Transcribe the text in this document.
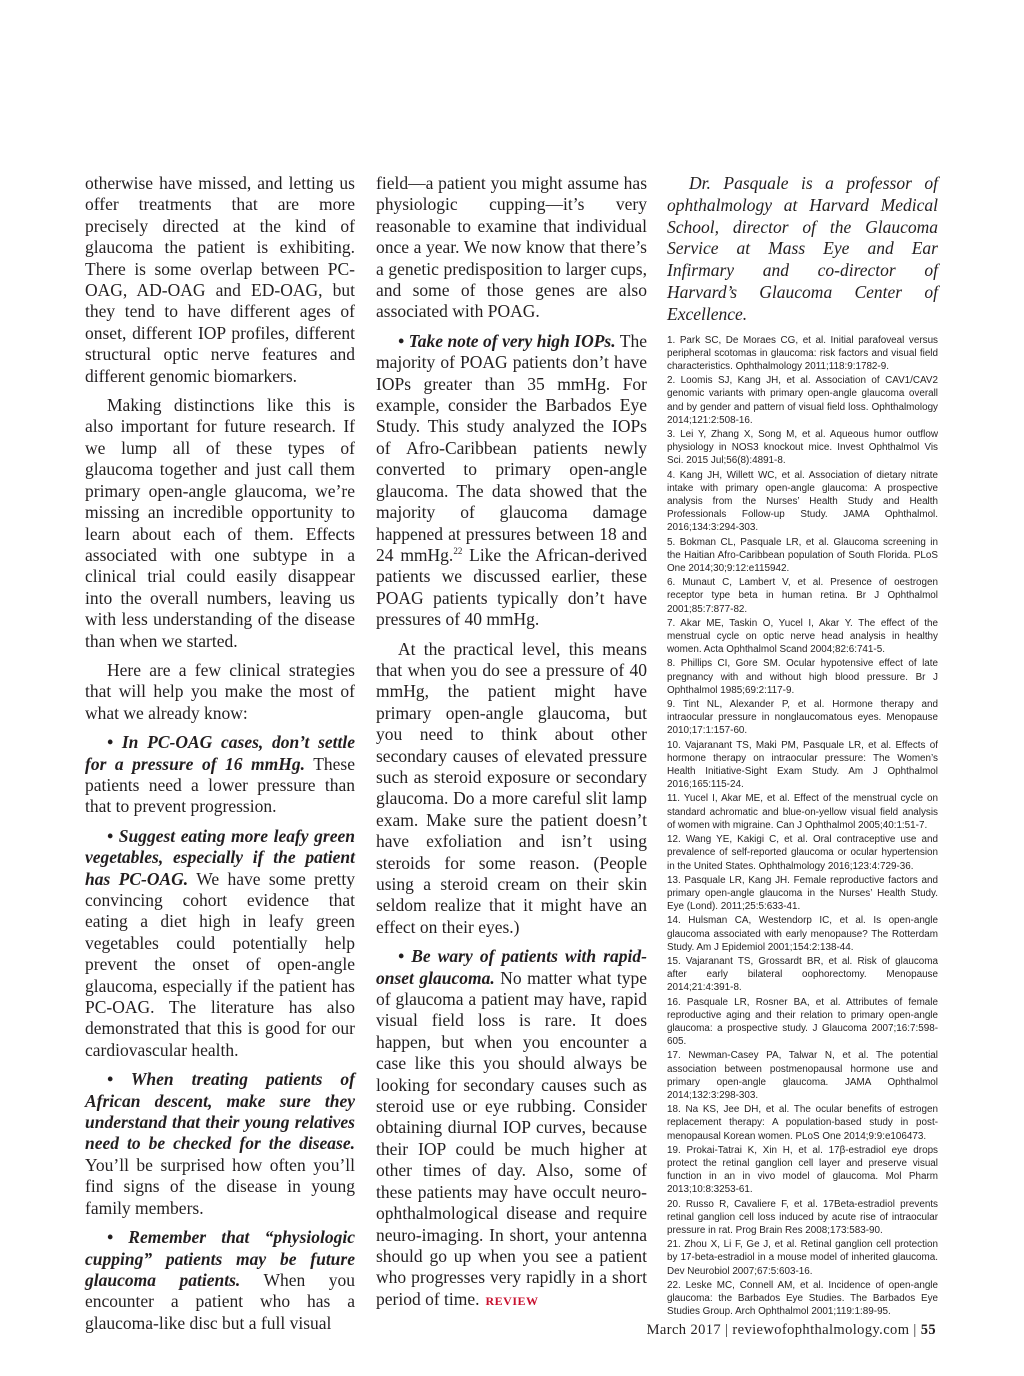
otherwise have missed, and letting us offer treatments that are more precisely directed at the kind of glaucoma the patient is exhibiting. There is some overlap between PC-OAG, AD-OAG and ED-OAG, but they tend to have different ages of onset, different IOP profiles, different structural optic nerve features and different genomic biomarkers.

Making distinctions like this is also important for future research. If we lump all of these types of glaucoma together and just call them primary open-angle glaucoma, we’re missing an incredible opportunity to learn about each of them. Effects associated with one subtype in a clinical trial could easily disappear into the overall numbers, leaving us with less understanding of the disease than when we started.

Here are a few clinical strategies that will help you make the most of what we already know:

• In PC-OAG cases, don’t settle for a pressure of 16 mmHg. These patients need a lower pressure than that to prevent progression.

• Suggest eating more leafy green vegetables, especially if the patient has PC-OAG. We have some pretty convincing cohort evidence that eating a diet high in leafy green vegetables could potentially help prevent the onset of open-angle glaucoma, especially if the patient has PC-OAG. The literature has also demonstrated that this is good for our cardiovascular health.

• When treating patients of African descent, make sure they understand that their young relatives need to be checked for the disease. You’ll be surprised how often you’ll find signs of the disease in young family members.

• Remember that “physiologic cupping” patients may be future glaucoma patients. When you encounter a patient who has a glaucoma-like disc but a full visual

field—a patient you might assume has physiologic cupping—it’s very reasonable to examine that individual once a year. We now know that there’s a genetic predisposition to larger cups, and some of those genes are also associated with POAG.

• Take note of very high IOPs. The majority of POAG patients don’t have IOPs greater than 35 mmHg. For example, consider the Barbados Eye Study. This study analyzed the IOPs of Afro-Caribbean patients newly converted to primary open-angle glaucoma. The data showed that the majority of glaucoma damage happened at pressures between 18 and 24 mmHg.$^{22}$ Like the African-derived patients we discussed earlier, these POAG patients typically don’t have pressures of 40 mmHg.

At the practical level, this means that when you do see a pressure of 40 mmHg, the patient might have primary open-angle glaucoma, but you need to think about other secondary causes of elevated pressure such as steroid exposure or secondary glaucoma. Do a more careful slit lamp exam. Make sure the patient doesn’t have exfoliation and isn’t using steroids for some reason. (People using a steroid cream on their skin seldom realize that it might have an effect on their eyes.)

• Be wary of patients with rapid-onset glaucoma. No matter what type of glaucoma a patient may have, rapid visual field loss is rare. It does happen, but when you encounter a case like this you should always be looking for secondary causes such as steroid use or eye rubbing. Consider obtaining diurnal IOP curves, because their IOP could be much higher at other times of day. Also, some of these patients may have occult neuro-ophthalmological disease and require neuro-imaging. In short, your antenna should go up when you see a patient who progresses very rapidly in a short period of time. REVIEW

Dr. Pasquale is a professor of ophthalmology at Harvard Medical School, director of the Glaucoma Service at Mass Eye and Ear Infirmary and co-director of Harvard’s Glaucoma Center of Excellence.

1. Park SC, De Moraes CG, et al. Initial parafoveal versus peripheral scotomas in glaucoma: risk factors and visual field characteristics. Ophthalmology 2011;118:9:1782-9.
2. Loomis SJ, Kang JH, et al. Association of CAV1/CAV2 genomic variants with primary open-angle glaucoma overall and by gender and pattern of visual field loss. Ophthalmology 2014;121:2:508-16.
3. Lei Y, Zhang X, Song M, et al. Aqueous humor outflow physiology in NOS3 knockout mice. Invest Ophthalmol Vis Sci. 2015 Jul;56(8):4891-8.
4. Kang JH, Willett WC, et al. Association of dietary nitrate intake with primary open-angle glaucoma: A prospective analysis from the Nurses’ Health Study and Health Professionals Follow-up Study. JAMA Ophthalmol. 2016;134:3:294-303.
5. Bokman CL, Pasquale LR, et al. Glaucoma screening in the Haitian Afro-Caribbean population of South Florida. PLoS One 2014;30;9:12:e115942.
6. Munaut C, Lambert V, et al. Presence of oestrogen receptor type beta in human retina. Br J Ophthalmol 2001;85:7:877-82.
7. Akar ME, Taskin O, Yucel I, Akar Y. The effect of the menstrual cycle on optic nerve head analysis in healthy women. Acta Ophthalmol Scand 2004;82:6:741-5.
8. Phillips CI, Gore SM. Ocular hypotensive effect of late pregnancy with and without high blood pressure. Br J Ophthalmol 1985;69:2:117-9.
9. Tint NL, Alexander P, et al. Hormone therapy and intraocular pressure in nonglaucomatous eyes. Menopause 2010;17:1:157-60.
10. Vajaranant TS, Maki PM, Pasquale LR, et al. Effects of hormone therapy on intraocular pressure: The Women’s Health Initiative-Sight Exam Study. Am J Ophthalmol 2016;165:115-24.
11. Yucel I, Akar ME, et al. Effect of the menstrual cycle on standard achromatic and blue-on-yellow visual field analysis of women with migraine. Can J Ophthalmol 2005;40:1:51-7.
12. Wang YE, Kakigi C, et al. Oral contraceptive use and prevalence of self-reported glaucoma or ocular hypertension in the United States. Ophthalmology 2016;123:4:729-36.
13. Pasquale LR, Kang JH. Female reproductive factors and primary open-angle glaucoma in the Nurses’ Health Study. Eye (Lond). 2011;25:5:633-41.
14. Hulsman CA, Westendorp IC, et al. Is open-angle glaucoma associated with early menopause? The Rotterdam Study. Am J Epidemiol 2001;154:2:138-44.
15. Vajaranant TS, Grossardt BR, et al. Risk of glaucoma after early bilateral oophorectomy. Menopause 2014;21:4:391-8.
16. Pasquale LR, Rosner BA, et al. Attributes of female reproductive aging and their relation to primary open-angle glaucoma: a prospective study. J Glaucoma 2007;16:7:598-605.
17. Newman-Casey PA, Talwar N, et al. The potential association between postmenopausal hormone use and primary open-angle glaucoma. JAMA Ophthalmol 2014;132:3:298-303.
18. Na KS, Jee DH, et al. The ocular benefits of estrogen replacement therapy: A population-based study in post-menopausal Korean women. PLoS One 2014;9:9:e106473.
19. Prokai-Tatrai K, Xin H, et al. 17β-estradiol eye drops protect the retinal ganglion cell layer and preserve visual function in an in vivo model of glaucoma. Mol Pharm 2013;10:8:3253-61.
20. Russo R, Cavaliere F, et al. 17Beta-estradiol prevents retinal ganglion cell loss induced by acute rise of intraocular pressure in rat. Prog Brain Res 2008;173:583-90.
21. Zhou X, Li F, Ge J, et al. Retinal ganglion cell protection by 17-beta-estradiol in a mouse model of inherited glaucoma. Dev Neurobiol 2007;67:5:603-16.
22. Leske MC, Connell AM, et al. Incidence of open-angle glaucoma: the Barbados Eye Studies. The Barbados Eye Studies Group. Arch Ophthalmol 2001;119:1:89-95.
March 2017 | reviewofophthalmology.com | 55
